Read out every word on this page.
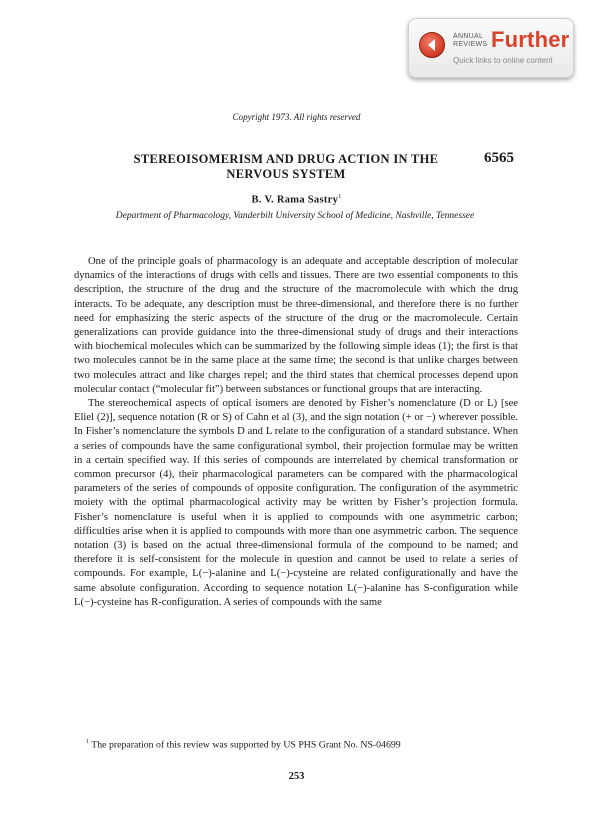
ANNUAL
REVIEWS Further
Quick links to online content
Copyright 1973. All rights reserved
STEREOISOMERISM AND DRUG ACTION IN THE
NERVOUS SYSTEM
6565
B. V. Rama Sastry$^1$
Department of Pharmacology, Vanderbilt University School of Medicine, Nashville, Tennessee

One of the principle goals of pharmacology is an adequate and acceptable description of molecular dynamics of the interactions of drugs with cells and tissues. There are two essential components to this description, the structure of the drug and the structure of the macromolecule with which the drug interacts. To be adequate, any description must be three-dimensional, and therefore there is no further need for emphasizing the steric aspects of the structure of the drug or the macromolecule. Certain generalizations can provide guidance into the three-dimensional study of drugs and their interactions with biochemical molecules which can be summarized by the following simple ideas (1); the first is that two molecules cannot be in the same place at the same time; the second is that unlike charges between two molecules attract and like charges repel; and the third states that chemical processes depend upon molecular contact (“molecular fit”) between substances or functional groups that are interacting.

The stereochemical aspects of optical isomers are denoted by Fisher’s nomenclature (D or L) [see Eliel (2)], sequence notation (R or S) of Cahn et al (3), and the sign notation (+ or −) wherever possible. In Fisher’s nomenclature the symbols D and L relate to the configuration of a standard substance. When a series of compounds have the same configurational symbol, their projection formulae may be written in a certain specified way. If this series of compounds are interrelated by chemical transformation or common precursor (4), their pharmacological parameters can be compared with the pharmacological parameters of the series of compounds of opposite configuration. The configuration of the asymmetric moiety with the optimal pharmacological activity may be written by Fisher’s projection formula. Fisher’s nomenclature is useful when it is applied to compounds with one asymmetric carbon; difficulties arise when it is applied to compounds with more than one asymmetric carbon. The sequence notation (3) is based on the actual three-dimensional formula of the compound to be named; and therefore it is self-consistent for the molecule in question and cannot be used to relate a series of compounds. For example, L(−)-alanine and L(−)-cysteine are related configurationally and have the same absolute configuration. According to sequence notation L(−)-alanine has S-configuration while L(−)-cysteine has R-configuration. A series of compounds with the same

$^1$ The preparation of this review was supported by US PHS Grant No. NS-04699
253
